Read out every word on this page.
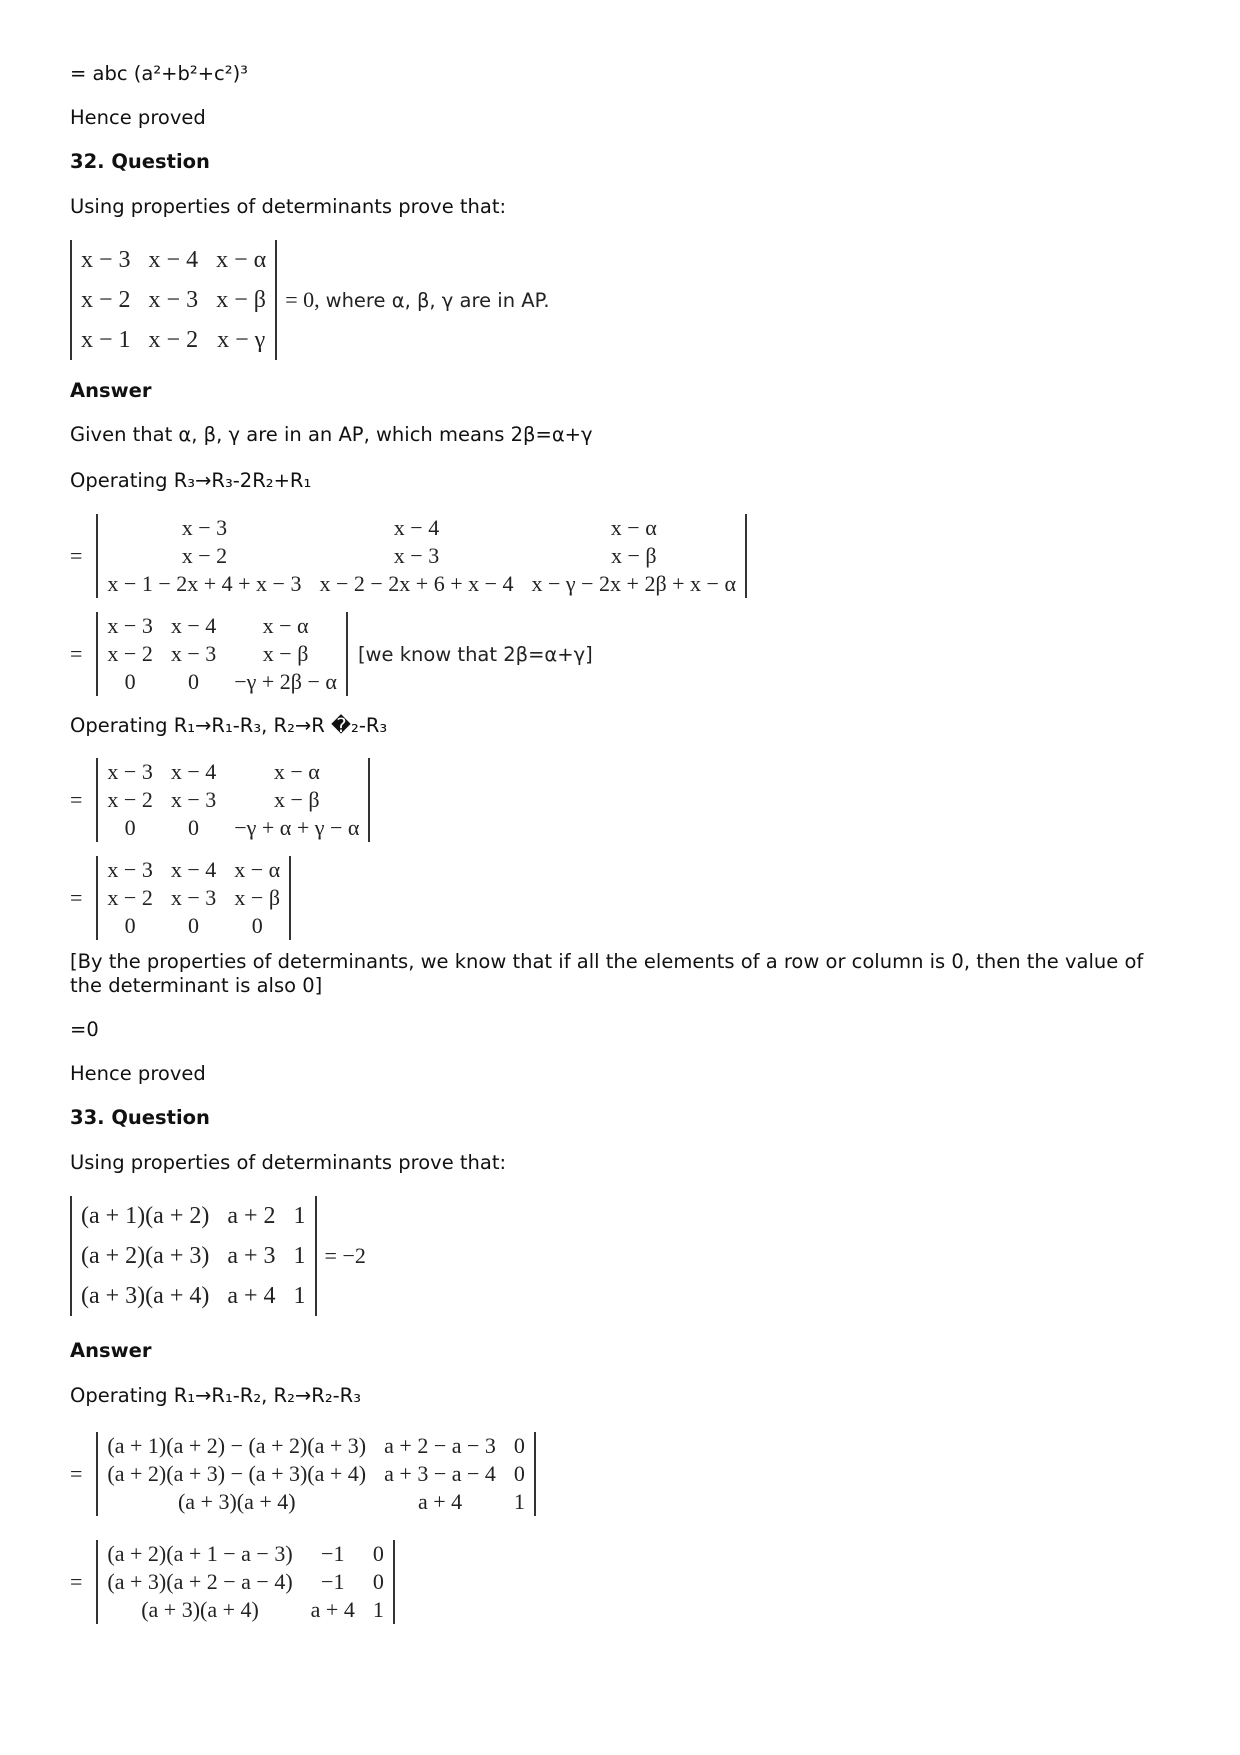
= abc (a²+b²+c²)³
Hence proved
32. Question
Using properties of determinants prove that:
x − 3	x − 4	x − α
x − 2	x − 3	x − β
x − 1	x − 2	x − γ
= 0, where α, β, γ are in AP.
Answer
Given that α, β, γ are in an AP, which means 2β=α+γ
Operating R₃→R₃-2R₂+R₁
=
x − 3	x − 4	x − α
x − 2	x − 3	x − β
x − 1 − 2x + 4 + x − 3	x − 2 − 2x + 6 + x − 4	x − γ − 2x + 2β + x − α
=
x − 3	x − 4	x − α
x − 2	x − 3	x − β
0	0	−γ + 2β − α
[we know that 2β=α+γ]
Operating R₁→R₁-R₃, R₂→R �₂-R₃
=
x − 3	x − 4	x − α
x − 2	x − 3	x − β
0	0	−γ + α + γ − α
=
x − 3	x − 4	x − α
x − 2	x − 3	x − β
0	0	0
[By the properties of determinants, we know that if all the elements of a row or column is 0, then the value of the determinant is also 0]
=0
Hence proved
33. Question
Using properties of determinants prove that:
(a + 1)(a + 2)	a + 2	1
(a + 2)(a + 3)	a + 3	1
(a + 3)(a + 4)	a + 4	1
= −2
Answer
Operating R₁→R₁-R₂, R₂→R₂-R₃
=
(a + 1)(a + 2) − (a + 2)(a + 3)	a + 2 − a − 3	0
(a + 2)(a + 3) − (a + 3)(a + 4)	a + 3 − a − 4	0
(a + 3)(a + 4)	a + 4	1
=
(a + 2)(a + 1 − a − 3)	−1	0
(a + 3)(a + 2 − a − 4)	−1	0
(a + 3)(a + 4)	a + 4	1
